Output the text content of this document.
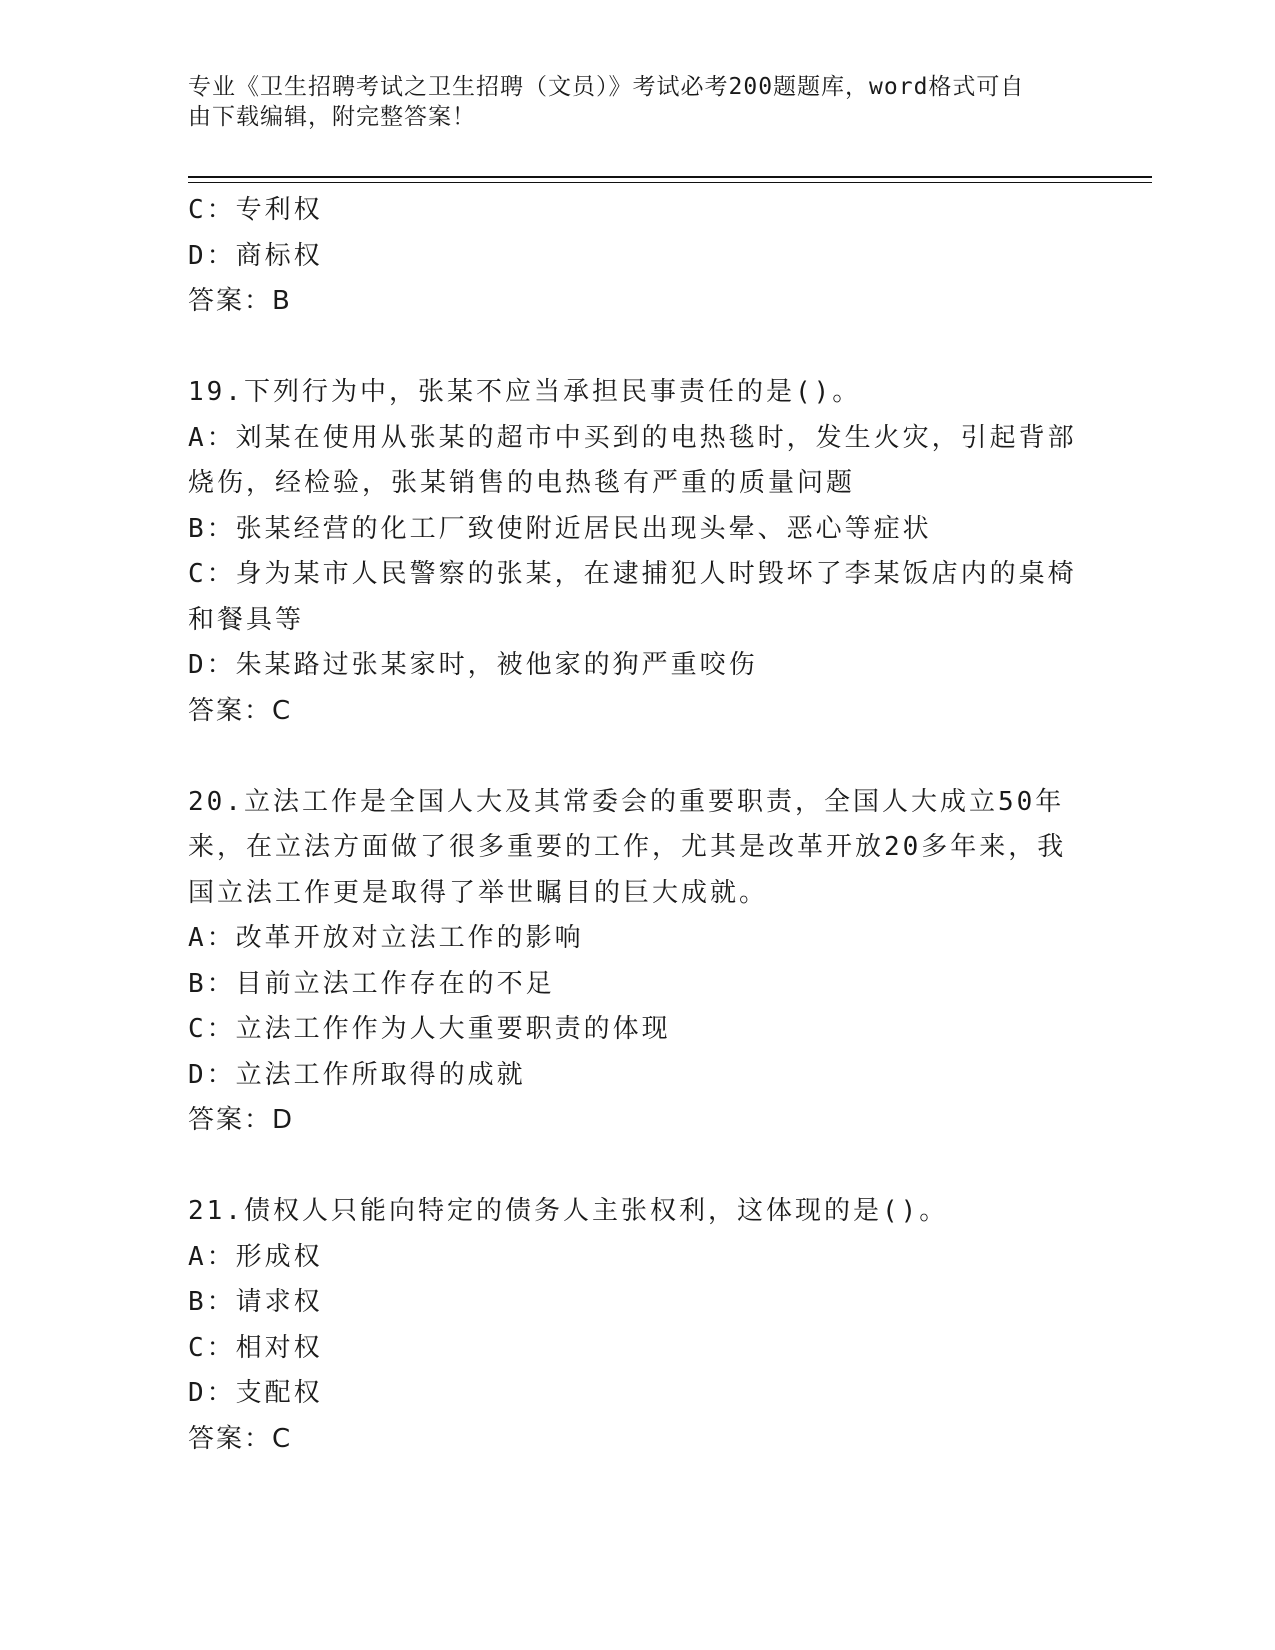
专业《卫生招聘考试之卫生招聘（文员）》考试必考200题题库，word格式可自
由下载编辑，附完整答案！

C：专利权

D：商标权

答案：B

19.下列行为中，张某不应当承担民事责任的是()。

A：刘某在使用从张某的超市中买到的电热毯时，发生火灾，引起背部

烧伤，经检验，张某销售的电热毯有严重的质量问题

B：张某经营的化工厂致使附近居民出现头晕、恶心等症状

C：身为某市人民警察的张某，在逮捕犯人时毁坏了李某饭店内的桌椅

和餐具等

D：朱某路过张某家时，被他家的狗严重咬伤

答案：C

20.立法工作是全国人大及其常委会的重要职责，全国人大成立50年

来，在立法方面做了很多重要的工作，尤其是改革开放20多年来，我

国立法工作更是取得了举世瞩目的巨大成就。

A：改革开放对立法工作的影响

B：目前立法工作存在的不足

C：立法工作作为人大重要职责的体现

D：立法工作所取得的成就

答案：D

21.债权人只能向特定的债务人主张权利，这体现的是()。

A：形成权

B：请求权

C：相对权

D：支配权

答案：C
